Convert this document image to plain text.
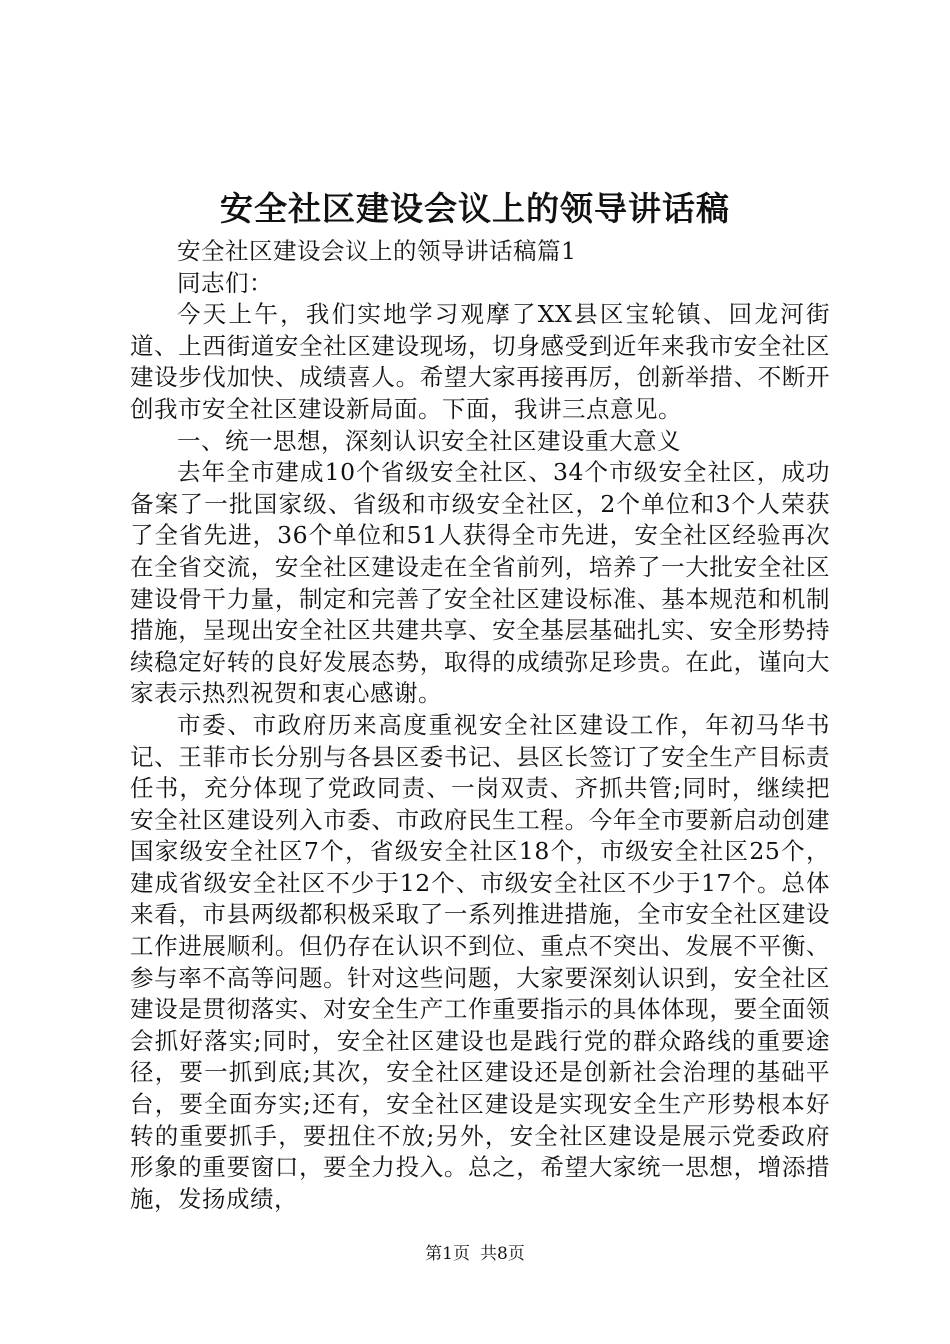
安全社区建设会议上的领导讲话稿

安全社区建设会议上的领导讲话稿篇1

同志们：

今天上午，我们实地学习观摩了XX县区宝轮镇、回龙河街道、上西街道安全社区建设现场，切身感受到近年来我市安全社区建设步伐加快、成绩喜人。希望大家再接再厉，创新举措、不断开创我市安全社区建设新局面。下面，我讲三点意见。

一、统一思想，深刻认识安全社区建设重大意义

去年全市建成10个省级安全社区、34个市级安全社区，成功备案了一批国家级、省级和市级安全社区，2个单位和3个人荣获了全省先进，36个单位和51人获得全市先进，安全社区经验再次在全省交流，安全社区建设走在全省前列，培养了一大批安全社区建设骨干力量，制定和完善了安全社区建设标准、基本规范和机制措施，呈现出安全社区共建共享、安全基层基础扎实、安全形势持续稳定好转的良好发展态势，取得的成绩弥足珍贵。在此，谨向大家表示热烈祝贺和衷心感谢。

市委、市政府历来高度重视安全社区建设工作，年初马华书记、王菲市长分别与各县区委书记、县区长签订了安全生产目标责任书，充分体现了党政同责、一岗双责、齐抓共管;同时，继续把安全社区建设列入市委、市政府民生工程。今年全市要新启动创建国家级安全社区7个，省级安全社区18个，市级安全社区25个，建成省级安全社区不少于12个、市级安全社区不少于17个。总体来看，市县两级都积极采取了一系列推进措施，全市安全社区建设工作进展顺利。但仍存在认识不到位、重点不突出、发展不平衡、参与率不高等问题。针对这些问题，大家要深刻认识到，安全社区建设是贯彻落实、对安全生产工作重要指示的具体体现，要全面领会抓好落实;同时，安全社区建设也是践行党的群众路线的重要途径，要一抓到底;其次，安全社区建设还是创新社会治理的基础平台，要全面夯实;还有，安全社区建设是实现安全生产形势根本好转的重要抓手，要扭住不放;另外，安全社区建设是展示党委政府形象的重要窗口，要全力投入。总之，希望大家统一思想，增添措施，发扬成绩，

第1页 共8页
